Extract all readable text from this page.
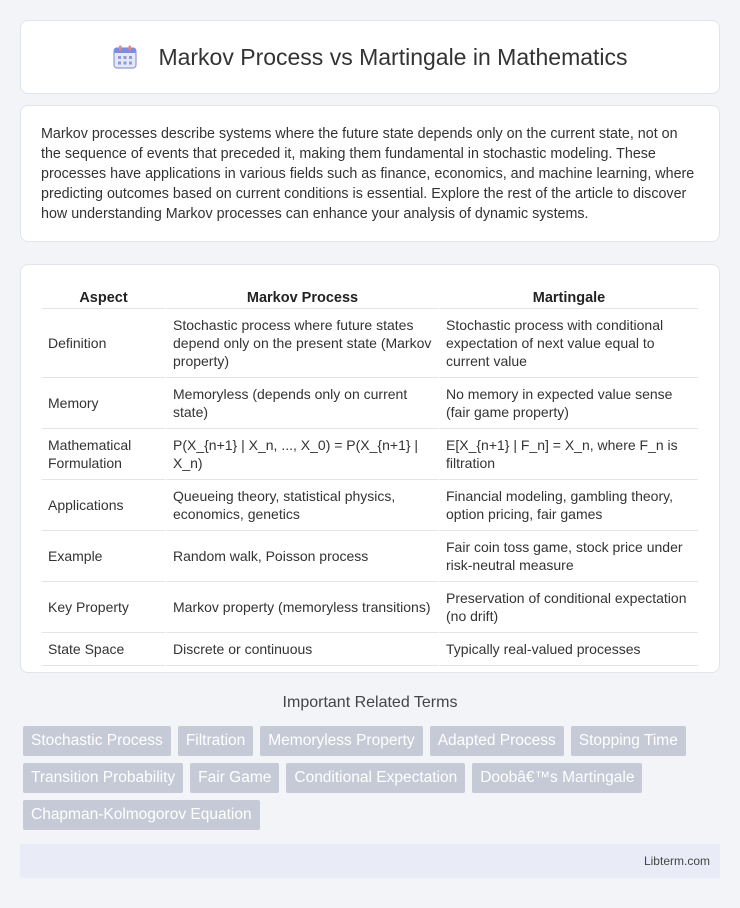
Markov Process vs Martingale in Mathematics

Markov processes describe systems where the future state depends only on the current state, not on the sequence of events that preceded it, making them fundamental in stochastic modeling. These processes have applications in various fields such as finance, economics, and machine learning, where predicting outcomes based on current conditions is essential. Explore the rest of the article to discover how understanding Markov processes can enhance your analysis of dynamic systems.

Aspect	Markov Process	Martingale
Definition	Stochastic process where future states depend only on the present state (Markov property)	Stochastic process with conditional expectation of next value equal to current value
Memory	Memoryless (depends only on current state)	No memory in expected value sense (fair game property)
Mathematical Formulation	P(X_{n+1} | X_n, ..., X_0) = P(X_{n+1} | X_n)	E[X_{n+1} | F_n] = X_n, where F_n is filtration
Applications	Queueing theory, statistical physics, economics, genetics	Financial modeling, gambling theory, option pricing, fair games
Example	Random walk, Poisson process	Fair coin toss game, stock price under risk-neutral measure
Key Property	Markov property (memoryless transitions)	Preservation of conditional expectation (no drift)
State Space	Discrete or continuous	Typically real-valued processes
Important Related Terms
Stochastic Process	Filtration	Memoryless Property	Adapted Process	Stopping Time
Transition Probability	Fair Game	Conditional Expectation	Doobâ€™s Martingale
Chapman-Kolmogorov Equation
Libterm.com
